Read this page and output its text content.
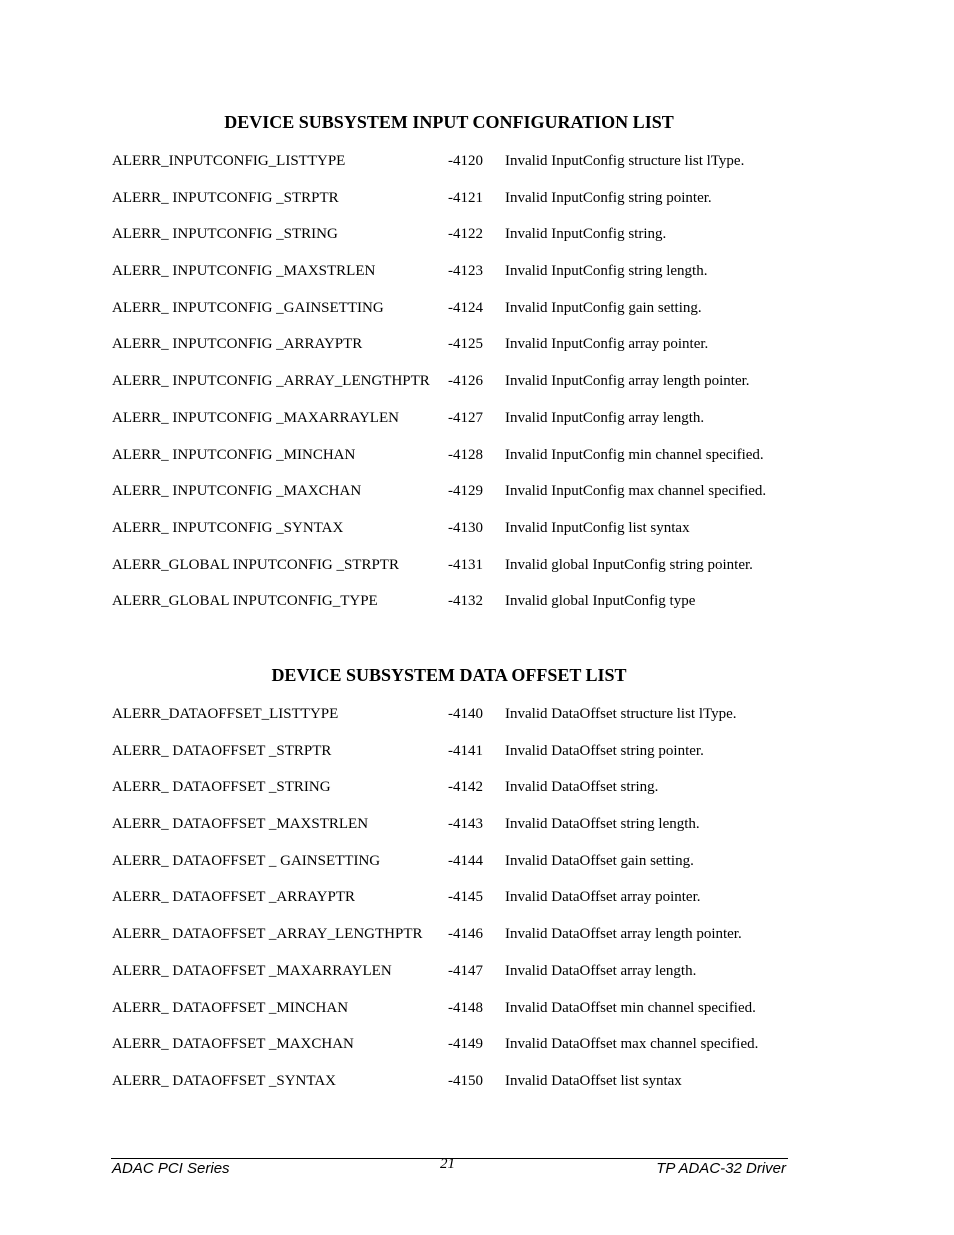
DEVICE SUBSYSTEM INPUT CONFIGURATION LIST
ALERR_INPUTCONFIG_LISTTYPE	-4120 Invalid InputConfig structure list lType.
ALERR_ INPUTCONFIG _STRPTR	-4121 Invalid InputConfig string pointer.
ALERR_ INPUTCONFIG _STRING	-4122 Invalid InputConfig string.
ALERR_ INPUTCONFIG _MAXSTRLEN	-4123 Invalid InputConfig string length.
ALERR_ INPUTCONFIG _GAINSETTING	-4124 Invalid InputConfig gain setting.
ALERR_ INPUTCONFIG _ARRAYPTR	-4125 Invalid InputConfig array pointer.
ALERR_ INPUTCONFIG _ARRAY_LENGTHPTR -4126 Invalid InputConfig array length pointer.
ALERR_ INPUTCONFIG _MAXARRAYLEN	-4127 Invalid InputConfig array length.
ALERR_ INPUTCONFIG _MINCHAN	-4128 Invalid InputConfig min channel specified.
ALERR_ INPUTCONFIG _MAXCHAN	-4129 Invalid InputConfig max channel specified.
ALERR_ INPUTCONFIG _SYNTAX	-4130 Invalid InputConfig list syntax
ALERR_GLOBAL INPUTCONFIG _STRPTR	-4131 Invalid global InputConfig string pointer.
ALERR_GLOBAL INPUTCONFIG_TYPE	-4132 Invalid global InputConfig type
DEVICE SUBSYSTEM DATA OFFSET LIST
ALERR_DATAOFFSET_LISTTYPE	-4140 Invalid DataOffset structure list lType.
ALERR_ DATAOFFSET _STRPTR	-4141 Invalid DataOffset string pointer.
ALERR_ DATAOFFSET _STRING	-4142 Invalid DataOffset string.
ALERR_ DATAOFFSET _MAXSTRLEN	-4143 Invalid DataOffset string length.
ALERR_ DATAOFFSET _ GAINSETTING	-4144 Invalid DataOffset gain setting.
ALERR_ DATAOFFSET _ARRAYPTR	-4145 Invalid DataOffset array pointer.
ALERR_ DATAOFFSET _ARRAY_LENGTHPTR -4146 Invalid DataOffset array length pointer.
ALERR_ DATAOFFSET _MAXARRAYLEN	-4147 Invalid DataOffset array length.
ALERR_ DATAOFFSET _MINCHAN	-4148 Invalid DataOffset min channel specified.
ALERR_ DATAOFFSET _MAXCHAN	-4149 Invalid DataOffset max channel specified.
ALERR_ DATAOFFSET _SYNTAX	-4150 Invalid DataOffset list syntax
ADAC PCI Series	21	TP ADAC-32 Driver
